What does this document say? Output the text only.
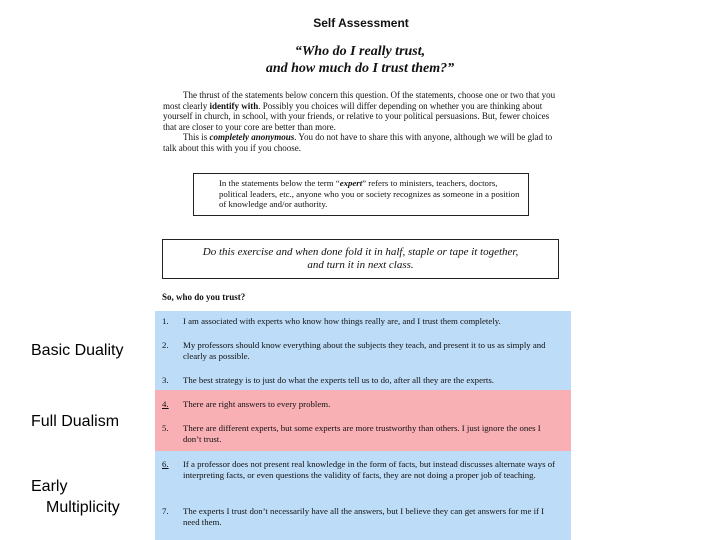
Self Assessment
“Who do I really trust,
and how much do I trust them?”

The thrust of the statements below concern this question. Of the statements, choose one or two that you most clearly identify with. Possibly you choices will differ depending on whether you are thinking about yourself in church, in school, with your friends, or relative to your political persuasions. But, fewer choices that are closer to your core are better than more.

This is completely anonymous. You do not have to share this with anyone, although we will be glad to talk about this with you if you choose.

In the statements below the term “expert” refers to ministers, teachers, doctors, political leaders, etc., anyone who you or society recognizes as someone in a position of knowledge and/or authority.
Do this exercise and when done fold it in half, staple or tape it together,
and turn it in next class.
So, who do you trust?
1. I am associated with experts who know how things really are, and I trust them completely.
2. My professors should know everything about the subjects they teach, and present it to us as simply and clearly as possible.
3. The best strategy is to just do what the experts tell us to do, after all they are the experts.
4. There are right answers to every problem.
5. There are different experts, but some experts are more trustworthy than others. I just ignore the ones I don’t trust.
6. If a professor does not present real knowledge in the form of facts, but instead discusses alternate ways of interpreting facts, or even questions the validity of facts, they are not doing a proper job of teaching.
7. The experts I trust don’t necessarily have all the answers, but I believe they can get answers for me if I need them.
Basic Duality
Full Dualism
Early
Multiplicity
